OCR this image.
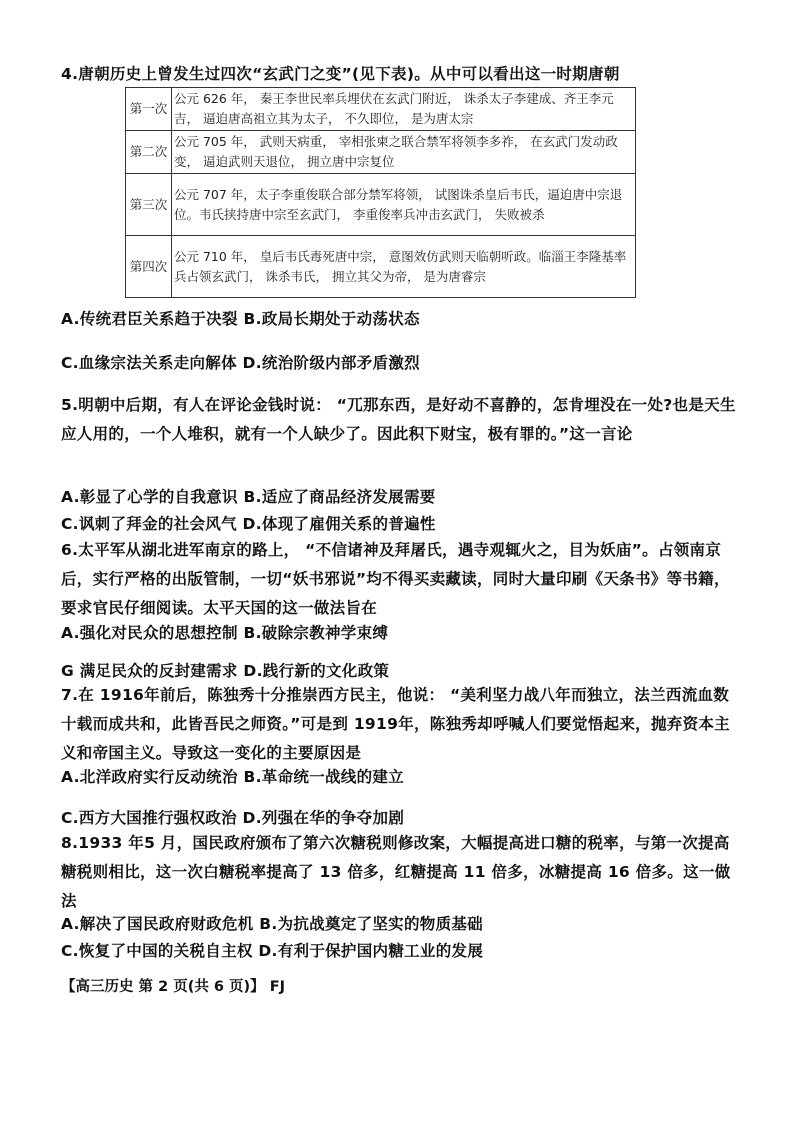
4.唐朝历史上曾发生过四次“玄武门之变”(见下表)。从中可以看出这一时期唐朝
第一次	公元 626 年， 秦王李世民率兵埋伏在玄武门附近， 诛杀太子李建成、齐王李元吉， 逼迫唐高祖立其为太子， 不久即位， 是为唐太宗
第二次	公元 705 年， 武则天病重， 宰相张柬之联合禁军将领李多祚， 在玄武门发动政变， 逼迫武则天退位， 拥立唐中宗复位
第三次	公元 707 年，太子李重俊联合部分禁军将领， 试图诛杀皇后韦氏，逼迫唐中宗退位。韦氏挟持唐中宗至玄武门， 李重俊率兵冲击玄武门， 失败被杀
第四次	公元 710 年， 皇后韦氏毒死唐中宗， 意图效仿武则天临朝听政。临淄王李隆基率兵占领玄武门， 诛杀韦氏， 拥立其父为帝， 是为唐睿宗
A.传统君臣关系趋于决裂 B.政局长期处于动荡状态
C.血缘宗法关系走向解体 D.统治阶级内部矛盾激烈
5.明朝中后期，有人在评论金钱时说： “兀那东西，是好动不喜静的，怎肯埋没在一处?也是天生应人用的，一个人堆积，就有一个人缺少了。因此积下财宝，极有罪的。”这一言论
A.彰显了心学的自我意识 B.适应了商品经济发展需要
C.讽刺了拜金的社会风气 D.体现了雇佣关系的普遍性
6.太平军从湖北进军南京的路上， “不信诸神及拜屠氏，遇寺观辄火之，目为妖庙”。占领南京后，实行严格的出版管制，一切“妖书邪说”均不得买卖藏读，同时大量印刷《天条书》等书籍，要求官民仔细阅读。太平天国的这一做法旨在
A.强化对民众的思想控制 B.破除宗教神学束缚
G 满足民众的反封建需求 D.践行新的文化政策
7.在 1916年前后，陈独秀十分推崇西方民主，他说： “美利坚力战八年而独立，法兰西流血数十载而成共和，此皆吾民之师资。”可是到 1919年，陈独秀却呼喊人们要觉悟起来，抛弃资本主义和帝国主义。导致这一变化的主要原因是
A.北洋政府实行反动统治 B.革命统一战线的建立
C.西方大国推行强权政治 D.列强在华的争夺加剧
8.1933 年5 月，国民政府颁布了第六次糖税则修改案，大幅提高进口糖的税率，与第一次提高糖税则相比，这一次白糖税率提高了 13 倍多，红糖提高 11 倍多，冰糖提高 16 倍多。这一做法
A.解决了国民政府财政危机 B.为抗战奠定了坚实的物质基础
C.恢复了中国的关税自主权 D.有利于保护国内糖工业的发展
【高三历史 第 2 页(共 6 页)】 FJ
